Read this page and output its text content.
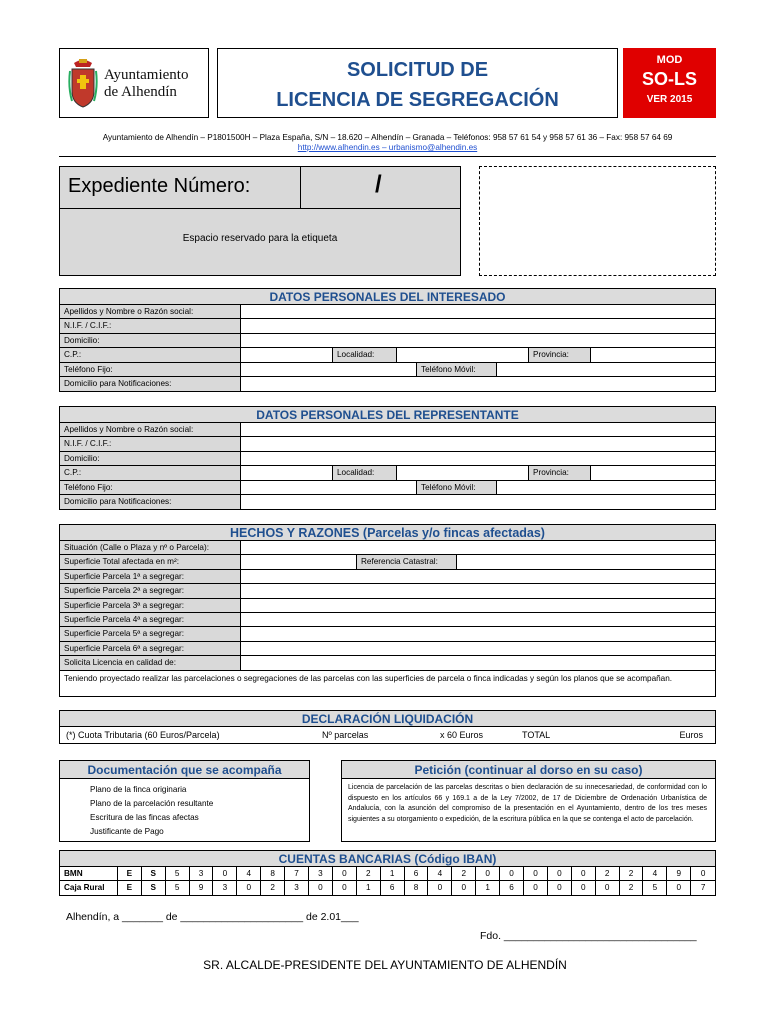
Ayuntamiento
de Alhendín
SOLICITUD DE
LICENCIA DE SEGREGACIÓN
MOD
SO-LS
VER 2015
Ayuntamiento de Alhendín – P1801500H – Plaza España, S/N – 18.620 – Alhendín – Granada – Teléfonos: 958 57 61 54 y 958 57 61 36 – Fax: 958 57 64 69
http://www.alhendin.es – urbanismo@alhendin.es
Expediente Número:	/
Espacio reservado para la etiqueta
DATOS PERSONALES DEL INTERESADO
Apellidos y Nombre o Razón social:
N.I.F. / C.I.F.:
Domicilio:
C.P.:	Localidad:	Provincia:
Teléfono Fijo:	Teléfono Móvil:
Domicilio para Notificaciones:
DATOS PERSONALES DEL REPRESENTANTE
Apellidos y Nombre o Razón social:
N.I.F. / C.I.F.:
Domicilio:
C.P.:	Localidad:	Provincia:
Teléfono Fijo:	Teléfono Móvil:
Domicilio para Notificaciones:
HECHOS Y RAZONES (Parcelas y/o fincas afectadas)
Situación (Calle o Plaza y nº o Parcela):
Superficie Total afectada en m²:	Referencia Catastral:
Superficie Parcela 1ª a segregar:
Superficie Parcela 2ª a segregar:
Superficie Parcela 3ª a segregar:
Superficie Parcela 4ª a segregar:
Superficie Parcela 5ª a segregar:
Superficie Parcela 6ª a segregar:
Solicita Licencia en calidad de:
Teniendo proyectado realizar las parcelaciones o segregaciones de las parcelas con las superficies de parcela o finca indicadas y según los planos que se acompañan.
DECLARACIÓN LIQUIDACIÓN
(*) Cuota Tributaria (60 Euros/Parcela)	Nº parcelas	x 60 Euros	TOTAL	Euros
Documentación que se acompaña
Plano de la finca originaria
Plano de la parcelación resultante
Escritura de las fincas afectas
Justificante de Pago
Petición (continuar al dorso en su caso)
Licencia de parcelación de las parcelas descritas o bien declaración de su innecesariedad, de conformidad con lo dispuesto en los artículos 66 y 169.1 a de la Ley 7/2002, de 17 de Diciembre de Ordenación Urbanística de Andalucía, con la asunción del compromiso de la presentación en el Ayuntamiento, dentro de los tres meses siguientes a su otorgamiento o expedición, de la escritura pública en la que se contenga el acto de parcelación.
CUENTAS BANCARIAS (Código IBAN)
BMN	E	S	5	3	0	4	8	7	3	0	2	1	6	4	2	0	0	0	0	0	2	2	4	9	0
Caja Rural	E	S	5	9	3	0	2	3	0	0	1	6	8	0	0	1	6	0	0	0	0	2	5	0	7
Alhendín, a _______ de _____________________ de 2.01___
Fdo. _________________________________
SR. ALCALDE-PRESIDENTE DEL AYUNTAMIENTO DE ALHENDÍN
